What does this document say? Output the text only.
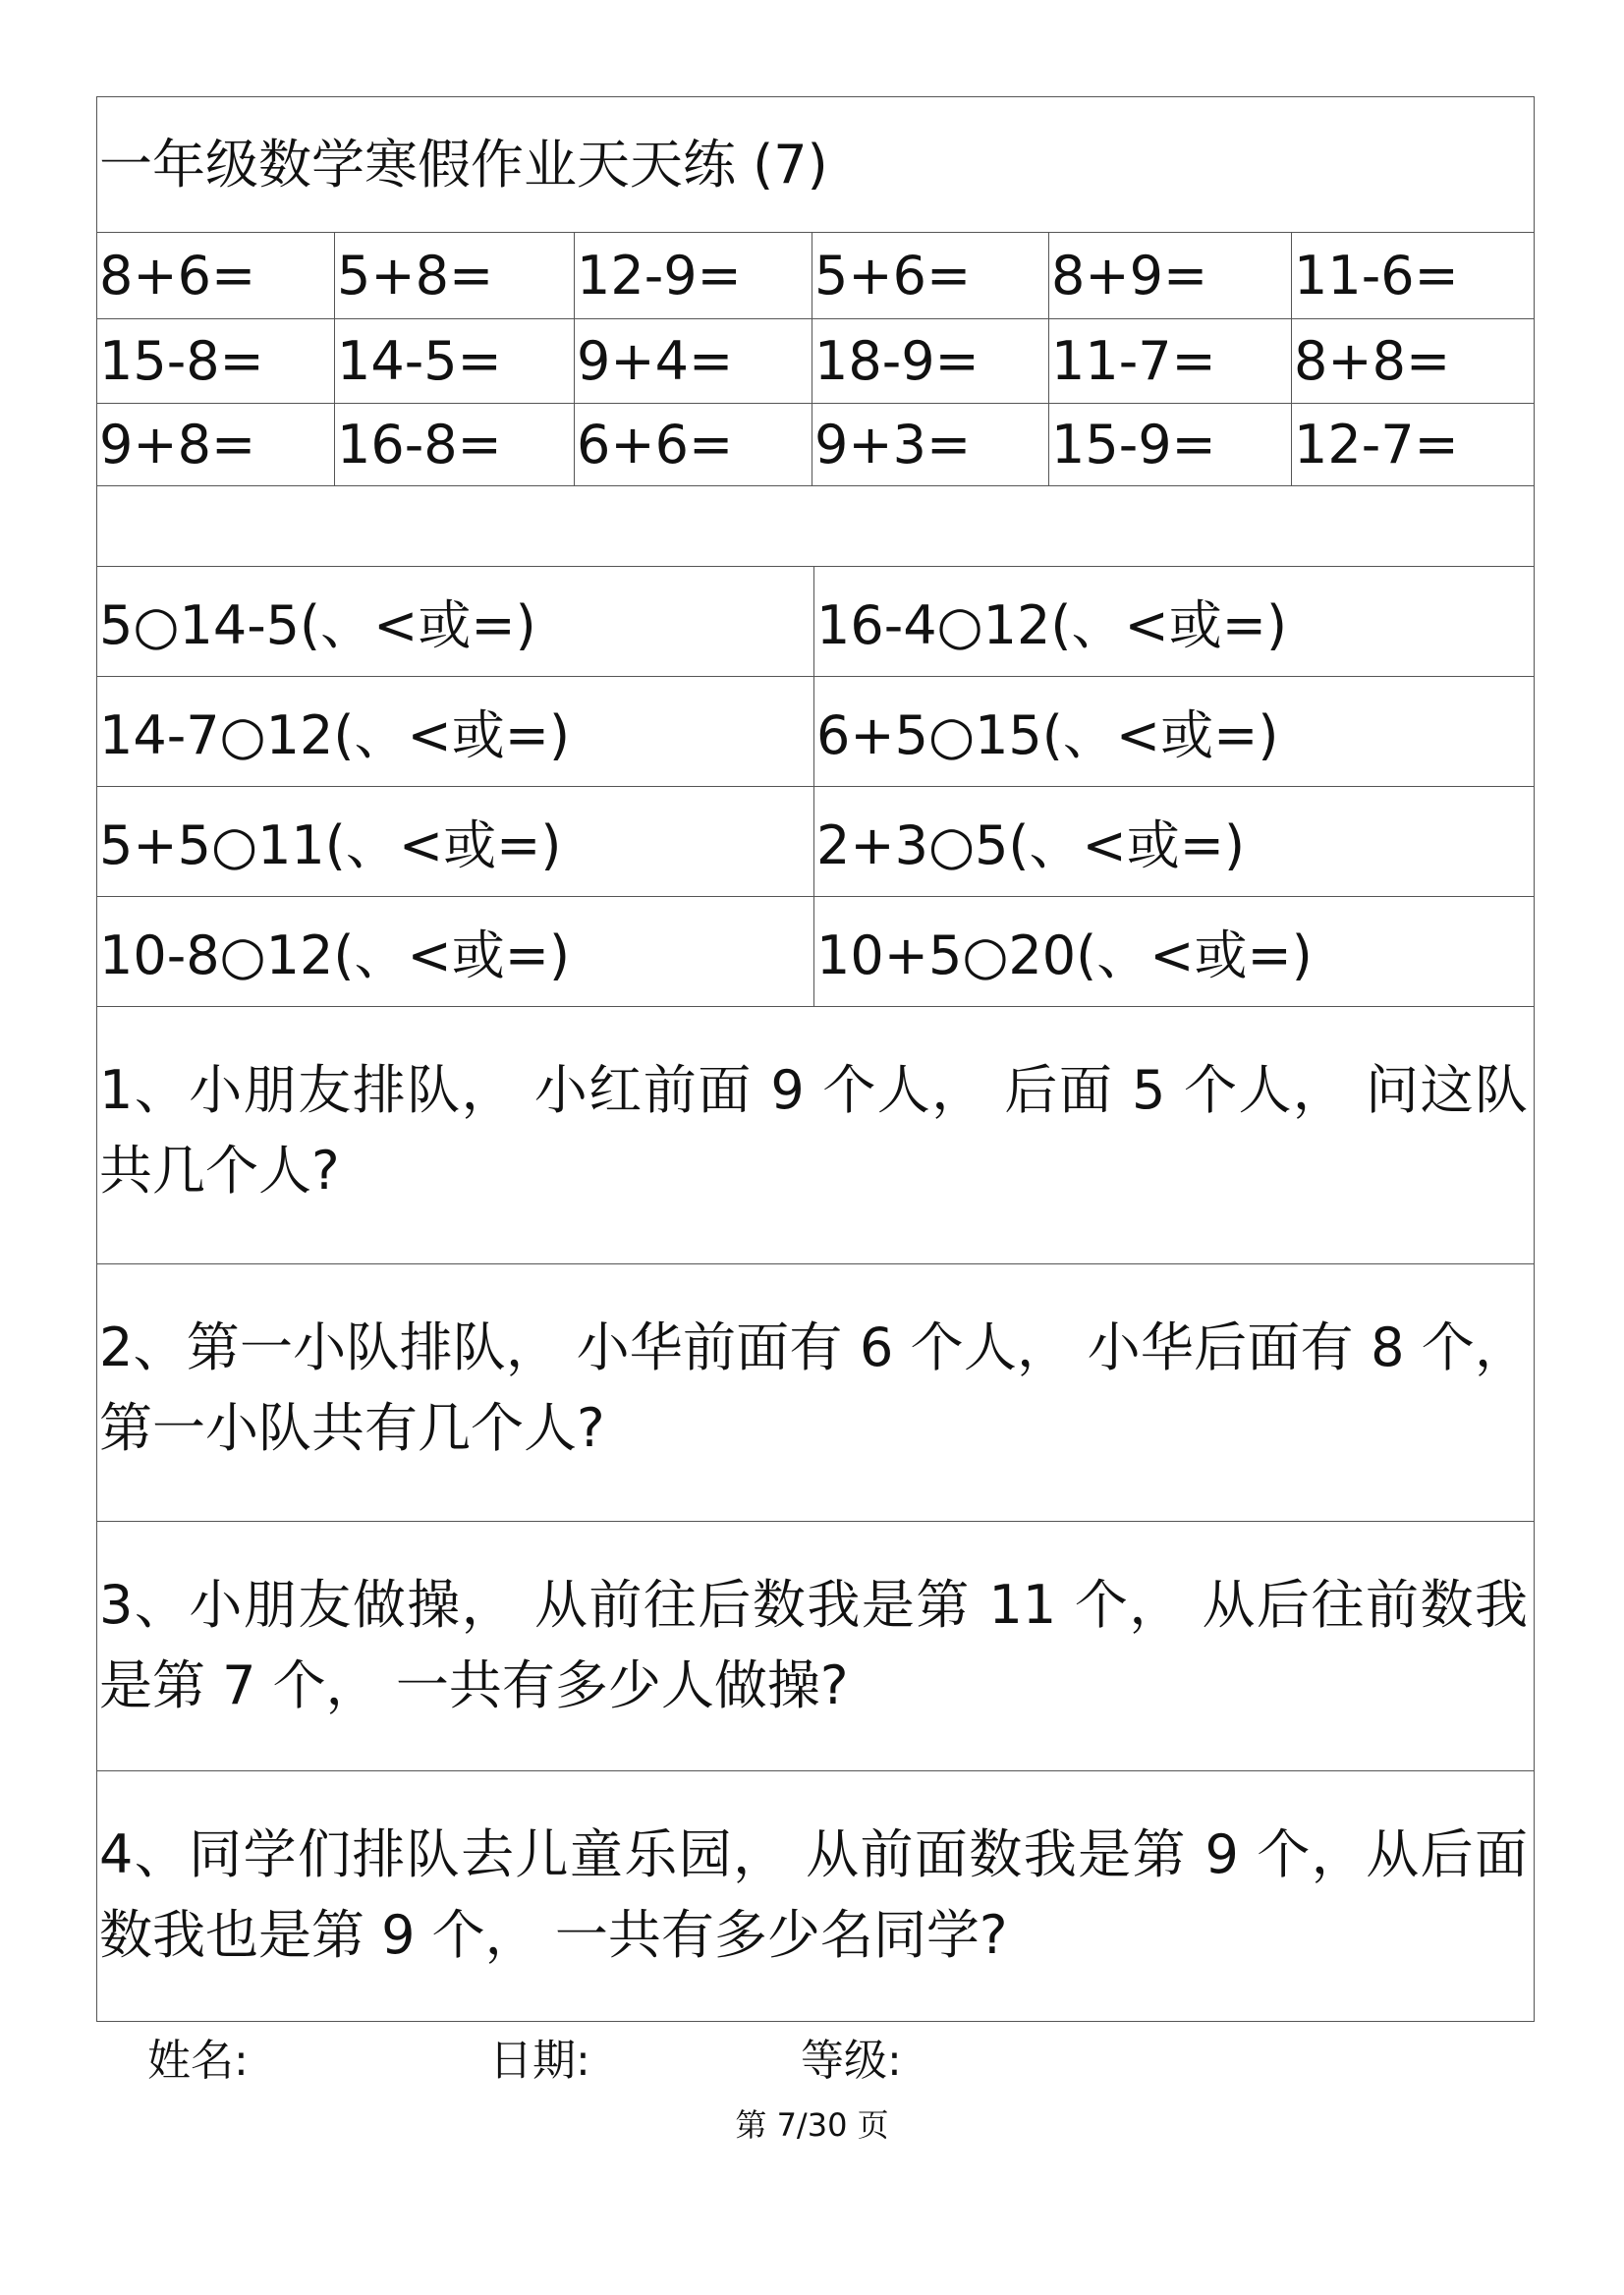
一年级数学寒假作业天天练 (7)
8+6=	5+8=	12-9=	5+6=	8+9=	11-6=
15-8=	14-5=	9+4=	18-9=	11-7=	8+8=
9+8=	16-8=	6+6=	9+3=	15-9=	12-7=
5○14-5(、<或=)	16-4○12(、<或=)
14-7○12(、<或=)	6+5○15(、<或=)
5+5○11(、<或=)	2+3○5(、<或=)
10-8○12(、<或=)	10+5○20(、<或=)
1、小朋友排队， 小红前面 9 个人， 后面 5 个人， 问这队共几个人?
2、第一小队排队， 小华前面有 6 个人， 小华后面有 8 个，第一小队共有几个人?
3、小朋友做操， 从前往后数我是第 11 个， 从后往前数我是第 7 个， 一共有多少人做操?
4、同学们排队去儿童乐园， 从前面数我是第 9 个，从后面数我也是第 9 个， 一共有多少名同学?
姓名:	日期:	等级:
第 7/30 页
